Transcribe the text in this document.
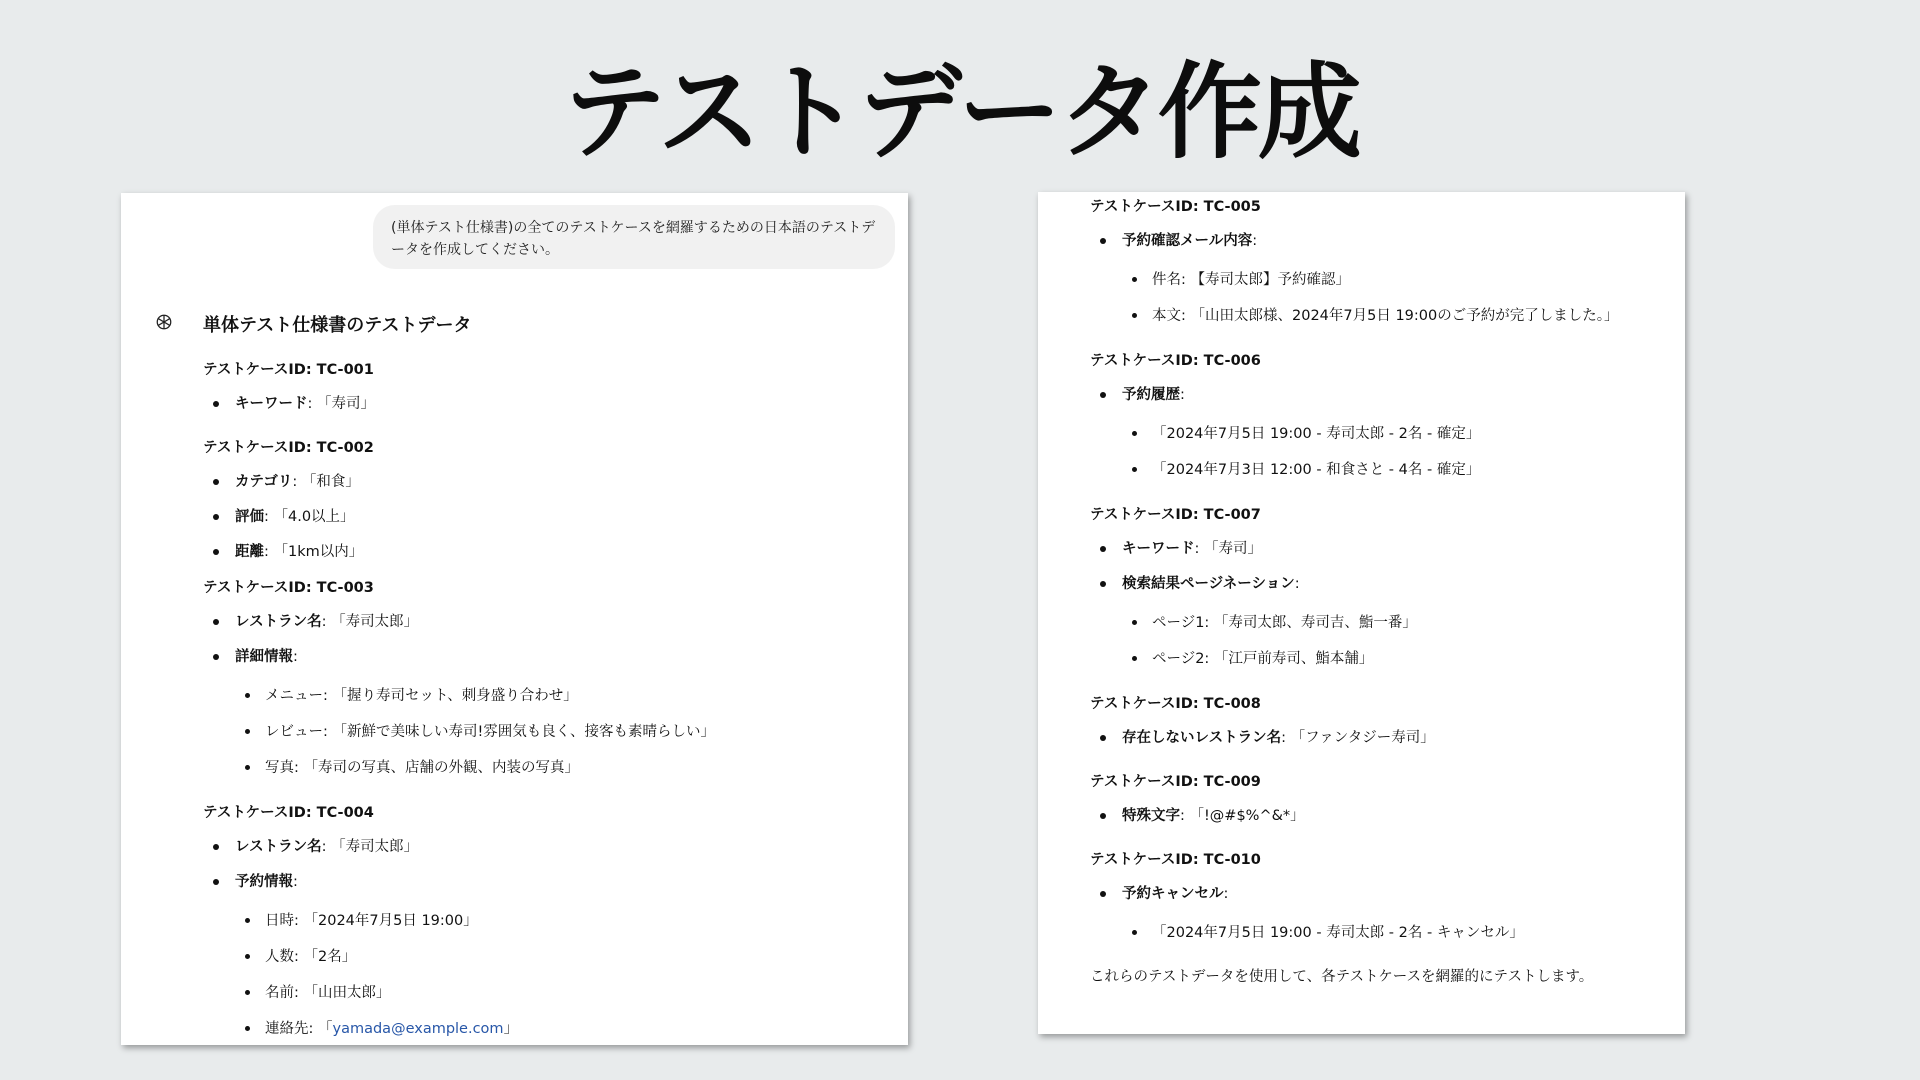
テストデータ作成
(単体テスト仕様書)の全てのテストケースを網羅するための日本語のテストデータを作成してください。
単体テスト仕様書のテストデータ
テストケースID: TC-001
キーワード: 「寿司」
テストケースID: TC-002
カテゴリ: 「和食」
評価: 「4.0以上」
距離: 「1km以内」
テストケースID: TC-003
レストラン名: 「寿司太郎」
詳細情報:
メニュー: 「握り寿司セット、刺身盛り合わせ」
レビュー: 「新鮮で美味しい寿司!雰囲気も良く、接客も素晴らしい」
写真: 「寿司の写真、店舗の外観、内装の写真」
テストケースID: TC-004
レストラン名: 「寿司太郎」
予約情報:
日時: 「2024年7月5日 19:00」
人数: 「2名」
名前: 「山田太郎」
連絡先: 「yamada@example.com」
テストケースID: TC-005
予約確認メール内容:
件名: 【寿司太郎】予約確認」
本文: 「山田太郎様、2024年7月5日 19:00のご予約が完了しました。」
テストケースID: TC-006
予約履歴:
「2024年7月5日 19:00 - 寿司太郎 - 2名 - 確定」
「2024年7月3日 12:00 - 和食さと - 4名 - 確定」
テストケースID: TC-007
キーワード: 「寿司」
検索結果ページネーション:
ページ1: 「寿司太郎、寿司吉、鮨一番」
ページ2: 「江戸前寿司、鮨本舗」
テストケースID: TC-008
存在しないレストラン名: 「ファンタジー寿司」
テストケースID: TC-009
特殊文字: 「!@#$%^&*」
テストケースID: TC-010
予約キャンセル:
「2024年7月5日 19:00 - 寿司太郎 - 2名 - キャンセル」
これらのテストデータを使用して、各テストケースを網羅的にテストします。
